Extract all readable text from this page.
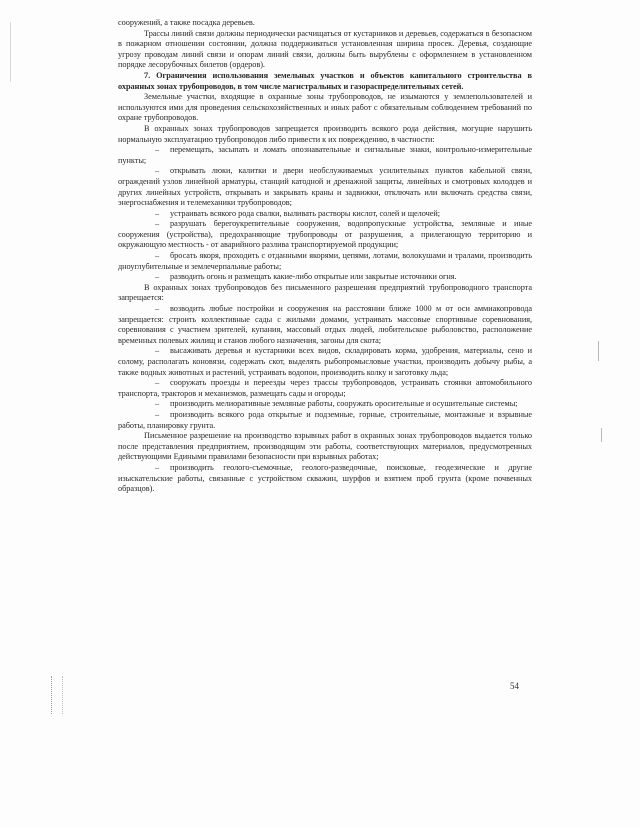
сооружений, а также посадка деревьев.

Трассы линий связи должны периодически расчищаться от кустарников и деревьев, содержаться в безопасном в пожарном отношении состоянии, должна поддерживаться установленная ширина просек. Деревья, создающие угрозу проводам линий связи и опорам линий связи, должны быть вырублены с оформлением в установленном порядке лесорубочных билетов (ордеров).

7. Ограничения использования земельных участков и объектов капитального строительства в охранных зонах трубопроводов, в том числе магистральных и газораспределительных сетей.

Земельные участки, входящие в охранные зоны трубопроводов, не изымаются у землепользователей и используются ими для проведения сельскохозяйственных и иных работ с обязательным соблюдением требований по охране трубопроводов.

В охранных зонах трубопроводов запрещается производить всякого рода действия, могущие нарушить нормальную эксплуатацию трубопроводов либо привести к их повреждению, в частности:

– перемещать, засыпать и ломать опознавательные и сигнальные знаки, контрольно-измерительные пункты;

– открывать люки, калитки и двери необслуживаемых усилительных пунктов кабельной связи, ограждений узлов линейной арматуры, станций катодной и дренажной защиты, линейных и смотровых колодцев и других линейных устройств, открывать и закрывать краны и задвижки, отключать или включать средства связи, энергоснабжения и телемеханики трубопроводов;

– устраивать всякого рода свалки, выливать растворы кислот, солей и щелочей;

– разрушать берегоукрепительные сооружения, водопропускные устройства, земляные и иные сооружения (устройства), предохраняющие трубопроводы от разрушения, а прилегающую территорию и окружающую местность - от аварийного разлива транспортируемой продукции;

– бросать якоря, проходить с отданными якорями, цепями, лотами, волокушами и тралами, производить дноуглубительные и землечерпальные работы;

– разводить огонь и размещать какие-либо открытые или закрытые источники огня.

В охранных зонах трубопроводов без письменного разрешения предприятий трубопроводного транспорта запрещается:

– возводить любые постройки и сооружения на расстоянии ближе 1000 м от оси аммиакопровода запрещается: строить коллективные сады с жилыми домами, устраивать массовые спортивные соревнования, соревнования с участием зрителей, купания, массовый отдых людей, любительское рыболовство, расположение временных полевых жилищ и станов любого назначения, загоны для скота;

– высаживать деревья и кустарники всех видов, складировать корма, удобрения, материалы, сено и солому, располагать коновязи, содержать скот, выделять рыбопромысловые участки, производить добычу рыбы, а также водных животных и растений, устраивать водопои, производить колку и заготовку льда;

– сооружать проезды и переезды через трассы трубопроводов, устраивать стоянки автомобильного транспорта, тракторов и механизмов, размещать сады и огороды;

– производить мелиоративные земляные работы, сооружать оросительные и осушительные системы;

– производить всякого рода открытые и подземные, горные, строительные, монтажные и взрывные работы, планировку грунта.

Письменное разрешение на производство взрывных работ в охранных зонах трубопроводов выдается только после представления предприятием, производящим эти работы, соответствующих материалов, предусмотренных действующими Едиными правилами безопасности при взрывных работах;

– производить геолого-съемочные, геолого-разведочные, поисковые, геодезические и другие изыскательские работы, связанные с устройством скважин, шурфов и взятием проб грунта (кроме почвенных образцов).

54
